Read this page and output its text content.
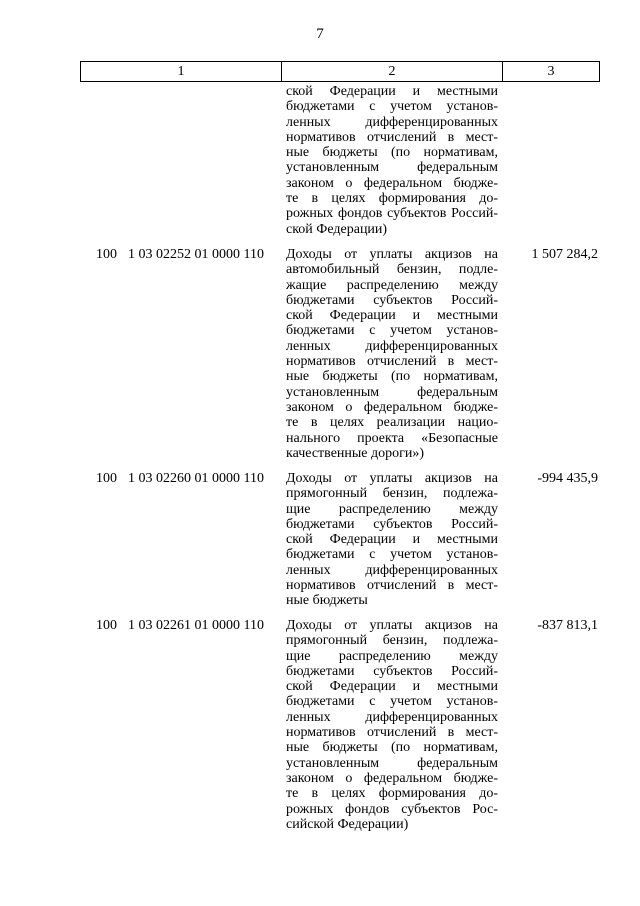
7
1	2	3
ской Федерации и местными
бюджетами с учетом установ-
ленных дифференцированных
нормативов отчислений в мест-
ные бюджеты (по нормативам,
установленным федеральным
законом о федеральном бюдже-
те в целях формирования до-
рожных фондов субъектов Россий-
ской Федерации)
100 1 03 02252 01 0000 110 Доходы от уплаты акцизов на
автомобильный бензин, подле-
жащие распределению между
бюджетами субъектов Россий-
ской Федерации и местными
бюджетами с учетом установ-
ленных дифференцированных
нормативов отчислений в мест-
ные бюджеты (по нормативам,
установленным федеральным
законом о федеральном бюдже-
те в целях реализации нацио-
нального проекта «Безопасные
качественные дороги»)
1 507 284,2
100 1 03 02260 01 0000 110 Доходы от уплаты акцизов на
прямогонный бензин, подлежа-
щие распределению между
бюджетами субъектов Россий-
ской Федерации и местными
бюджетами с учетом установ-
ленных дифференцированных
нормативов отчислений в мест-
ные бюджеты
-994 435,9
100 1 03 02261 01 0000 110 Доходы от уплаты акцизов на
прямогонный бензин, подлежа-
щие распределению между
бюджетами субъектов Россий-
ской Федерации и местными
бюджетами с учетом установ-
ленных дифференцированных
нормативов отчислений в мест-
ные бюджеты (по нормативам,
установленным федеральным
законом о федеральном бюдже-
те в целях формирования до-
рожных фондов субъектов Рос-
сийской Федерации)
-837 813,1
